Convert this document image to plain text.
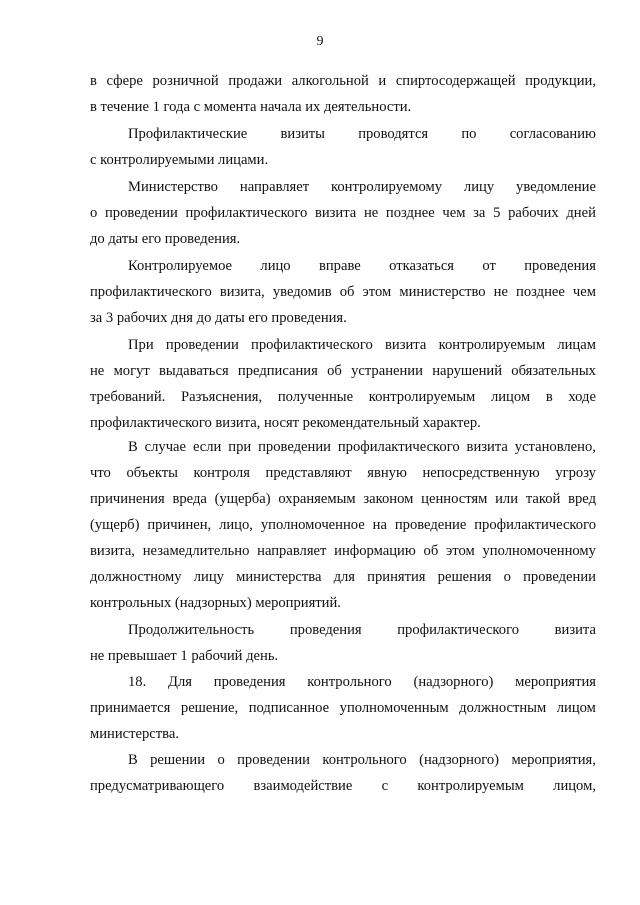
9
в сфере розничной продажи алкогольной и спиртосодержащей продукции,
в течение 1 года с момента начала их деятельности.
Профилактические визиты проводятся по согласованию
с контролируемыми лицами.
Министерство направляет контролируемому лицу уведомление
о проведении профилактического визита не позднее чем за 5 рабочих дней
до даты его проведения.
Контролируемое лицо вправе отказаться от проведения
профилактического визита, уведомив об этом министерство не позднее чем
за 3 рабочих дня до даты его проведения.
При проведении профилактического визита контролируемым лицам
не могут выдаваться предписания об устранении нарушений обязательных
требований. Разъяснения, полученные контролируемым лицом в ходе
профилактического визита, носят рекомендательный характер.
В случае если при проведении профилактического визита установлено,
что объекты контроля представляют явную непосредственную угрозу
причинения вреда (ущерба) охраняемым законом ценностям или такой вред
(ущерб) причинен, лицо, уполномоченное на проведение профилактического
визита, незамедлительно направляет информацию об этом уполномоченному
должностному лицу министерства для принятия решения о проведении
контрольных (надзорных) мероприятий.
Продолжительность проведения профилактического визита
не превышает 1 рабочий день.
18. Для проведения контрольного (надзорного) мероприятия
принимается решение, подписанное уполномоченным должностным лицом
министерства.
В решении о проведении контрольного (надзорного) мероприятия,
предусматривающего взаимодействие с контролируемым лицом,
